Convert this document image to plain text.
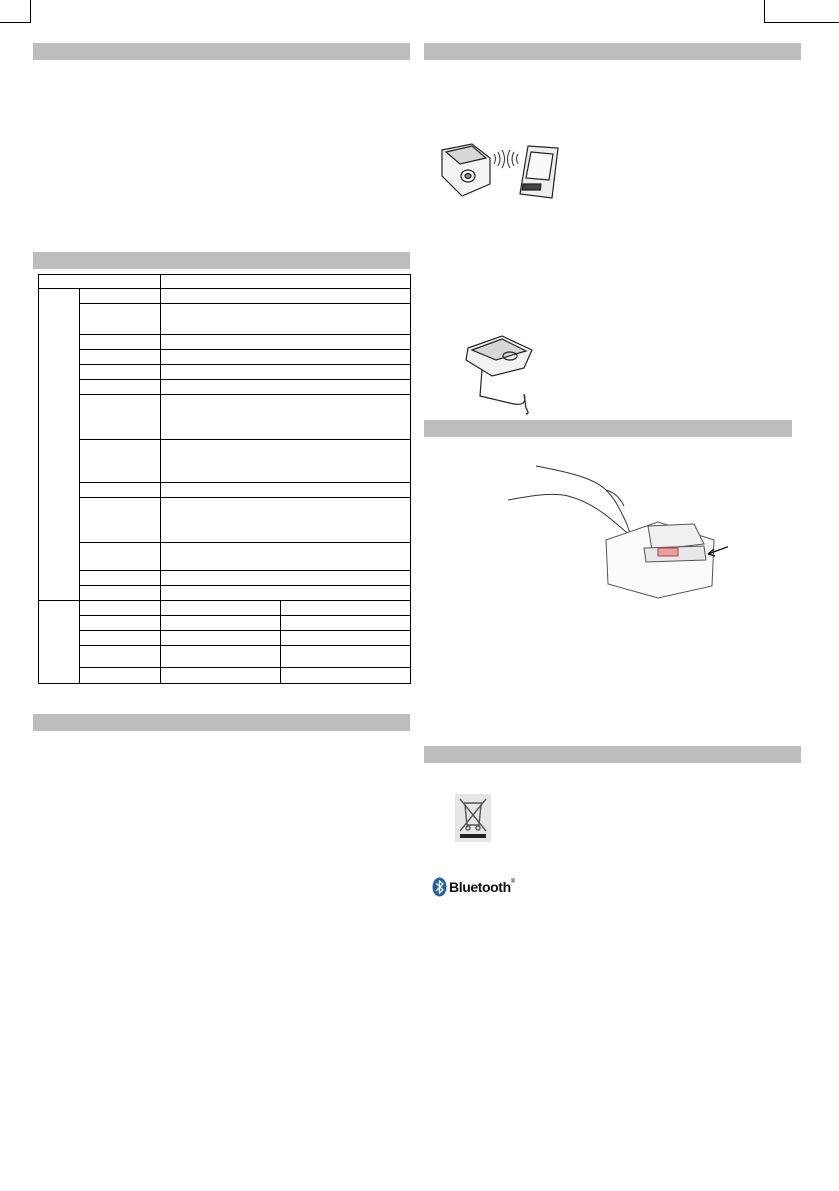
Bluetooth ®
